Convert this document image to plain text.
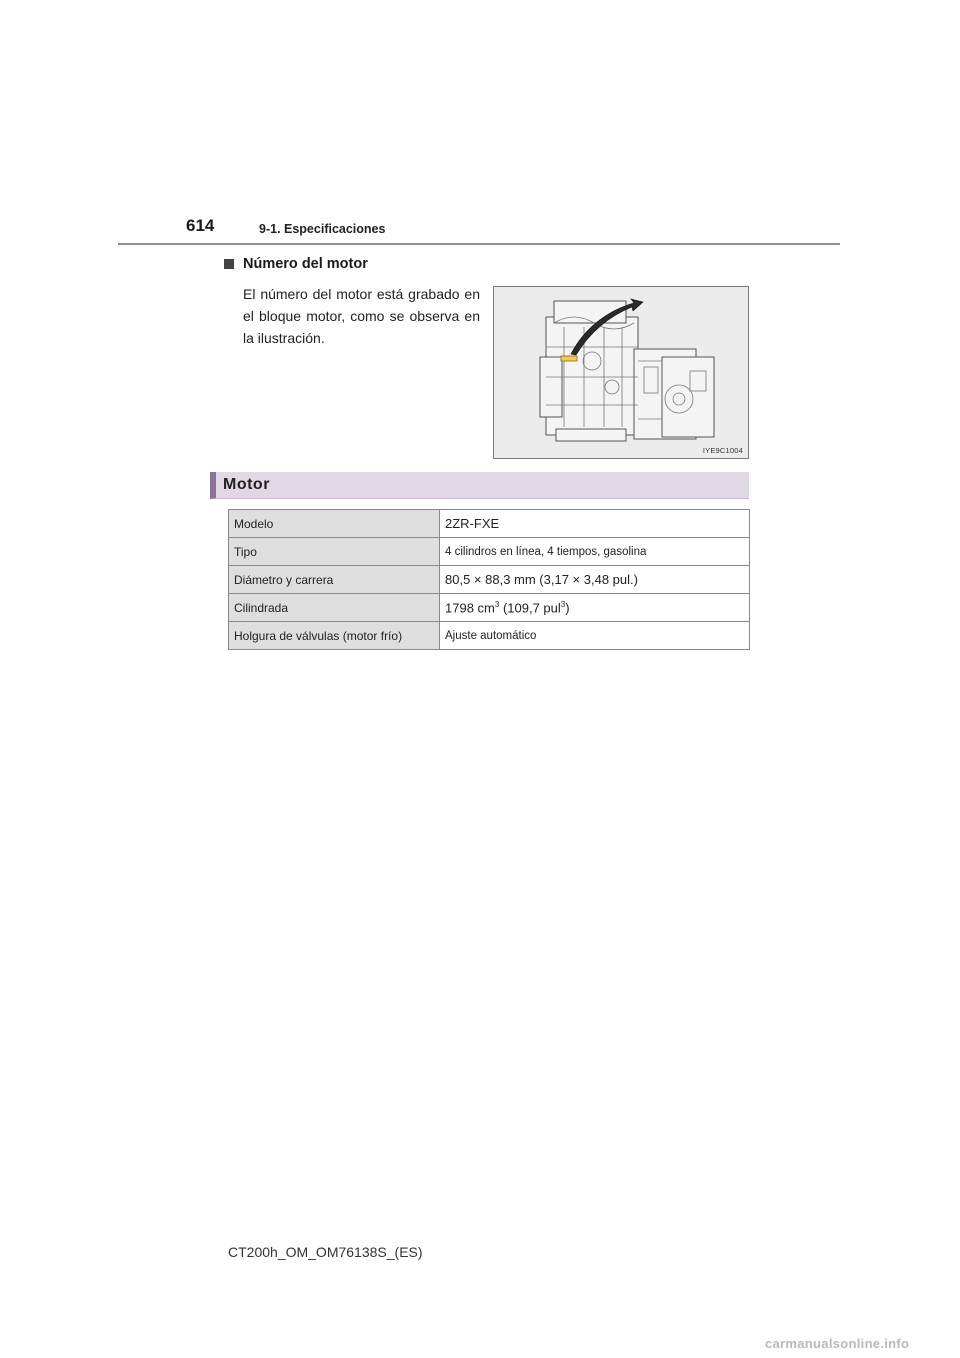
614	9-1. Especificaciones
Número del motor
El número del motor está grabado en el bloque motor, como se observa en la ilustración.
IYE9C1004
Motor
Modelo	2ZR-FXE
Tipo	4 cilindros en línea, 4 tiempos, gasolina
Diámetro y carrera	80,5 × 88,3 mm (3,17 × 3,48 pul.)
Cilindrada	1798 $cm^3$ (109,7 pul$^3$)
Holgura de válvulas (motor frío)	Ajuste automático
CT200h_OM_OM76138S_(ES)
carmanualsonline.info
